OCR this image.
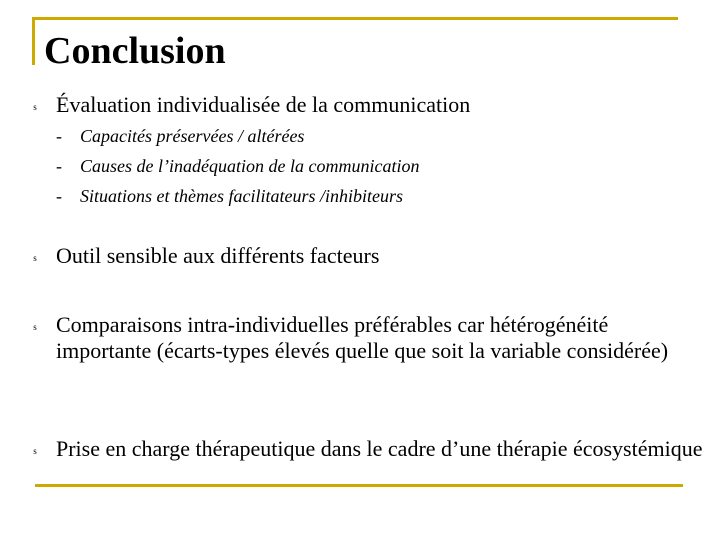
Conclusion
s Évaluation individualisée de la communication

- Capacités préservées / altérées
- Causes de l’inadéquation de la communication
- Situations et thèmes facilitateurs /inhibiteurs
s Outil sensible aux différents facteurs

s Comparaisons intra-individuelles préférables car hétérogénéité importante (écarts-types élevés quelle que soit la variable considérée)

s Prise en charge thérapeutique dans le cadre d’une thérapie écosystémique
